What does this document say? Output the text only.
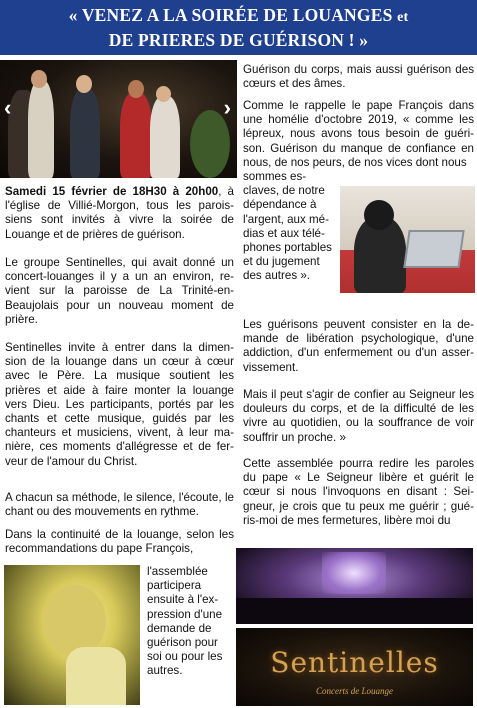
« VENEZ A LA SOIRÉE DE LOUANGES et
DE PRIERES DE GUÉRISON ! »
‹	›
Samedi 15 février de 18H30 à 20h00, à l'église de Villié-Morgon, tous les parois-siens sont invités à vivre la soirée de Louange et de prières de guérison.
Le groupe Sentinelles, qui avait donné un concert-louanges il y a un an environ, re-vient sur la paroisse de La Trinité-en-Beaujolais pour un nouveau moment de prière.
Sentinelles invite à entrer dans la dimen-sion de la louange dans un cœur à cœur avec le Père. La musique soutient les prières et aide à faire monter la louange vers Dieu. Les participants, portés par les chants et cette musique, guidés par les chanteurs et musiciens, vivent, à leur ma-nière, ces moments d'allégresse et de fer-veur de l'amour du Christ.
A chacun sa méthode, le silence, l'écoute, le chant ou des mouvements en rythme.
Dans la continuité de la louange, selon les recommandations du pape François,
l'assemblée participera ensuite à l'ex-pression d'une demande de guérison pour soi ou pour les autres.
Guérison du corps, mais aussi guérison des cœurs et des âmes.
Comme le rappelle le pape François dans une homélie d'octobre 2019, « comme les lépreux, nous avons tous besoin de guéri-son. Guérison du manque de confiance en nous, de nos peurs, de nos vices dont nous
sommes es-claves, de notre dépendance à l'argent, aux mé-dias et aux télé-phones portables et du jugement des autres ».
Les guérisons peuvent consister en la de-mande de libération psychologique, d'une addiction, d'un enfermement ou d'un asser-vissement.
Mais il peut s'agir de confier au Seigneur les douleurs du corps, et de la difficulté de les vivre au quotidien, ou la souffrance de voir souffrir un proche. »
Cette assemblée pourra redire les paroles du pape « Le Seigneur libère et guérit le cœur si nous l'invoquons en disant : Sei-gneur, je crois que tu peux me guérir ; gué-ris-moi de mes fermetures, libère moi du
Sentinelles
Concerts de Louange
